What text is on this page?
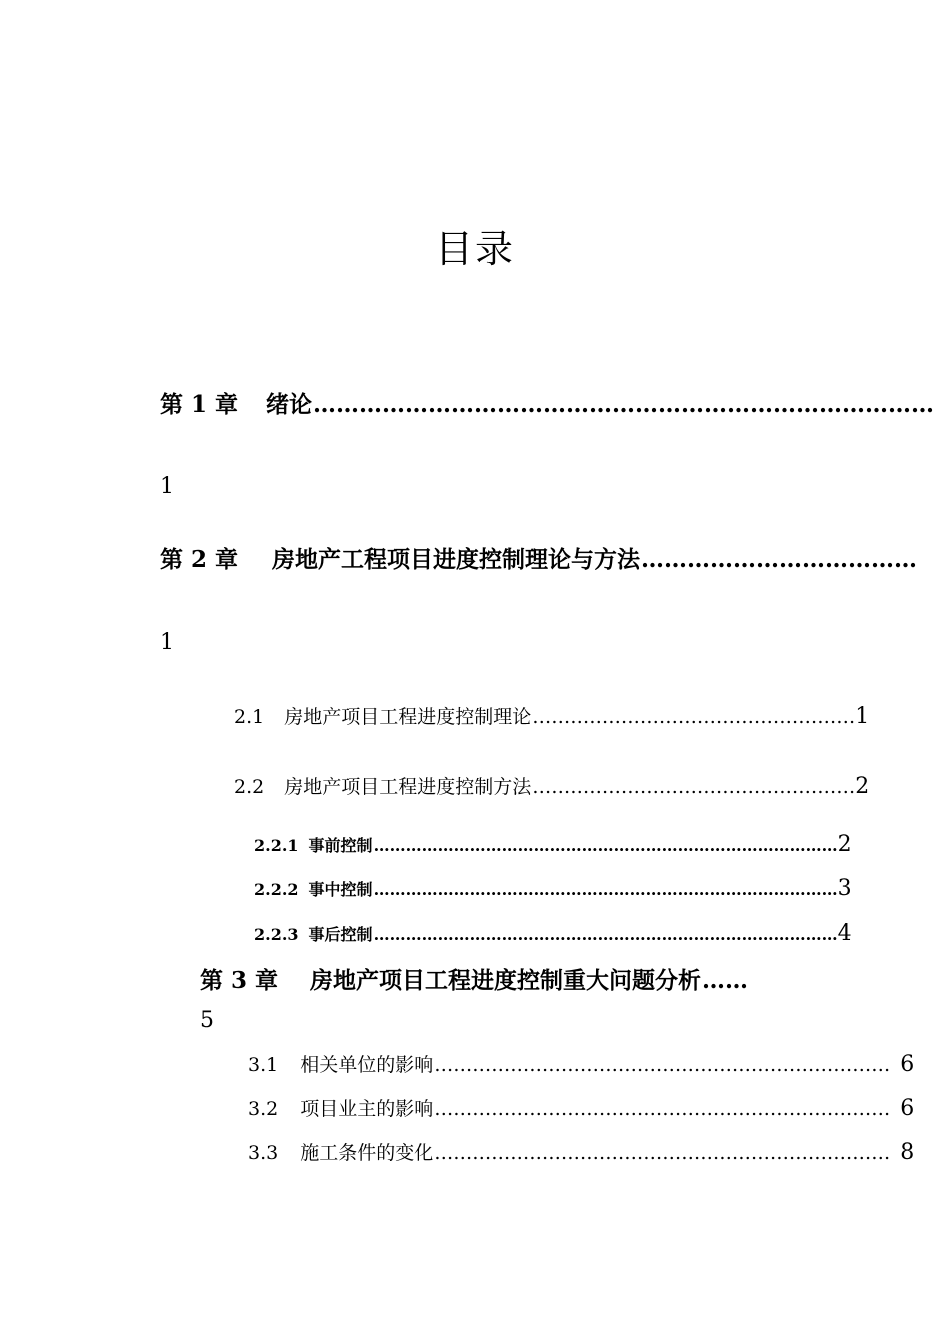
目录
第 1 章 绪论 ………………………………………………………………………
1
第 2 章 房地产工程项目进度控制理论与方法 ………………………………
1
2.1 房地产项目工程进度控制理论 …………………………………………… 1
2.2 房地产项目工程进度控制方法 …………………………………………… 2
2.2.1 事前控制 …………………………………………………………………………… 2
2.2.2 事中控制 …………………………………………………………………………… 3
2.2.3 事后控制 …………………………………………………………………………… 4
第 3 章 房地产项目工程进度控制重大问题分析 ……
5
3.1 相关单位的影响 ……………………………………………………………… 6
3.2 项目业主的影响 ……………………………………………………………… 6
3.3 施工条件的变化 ……………………………………………………………… 8
